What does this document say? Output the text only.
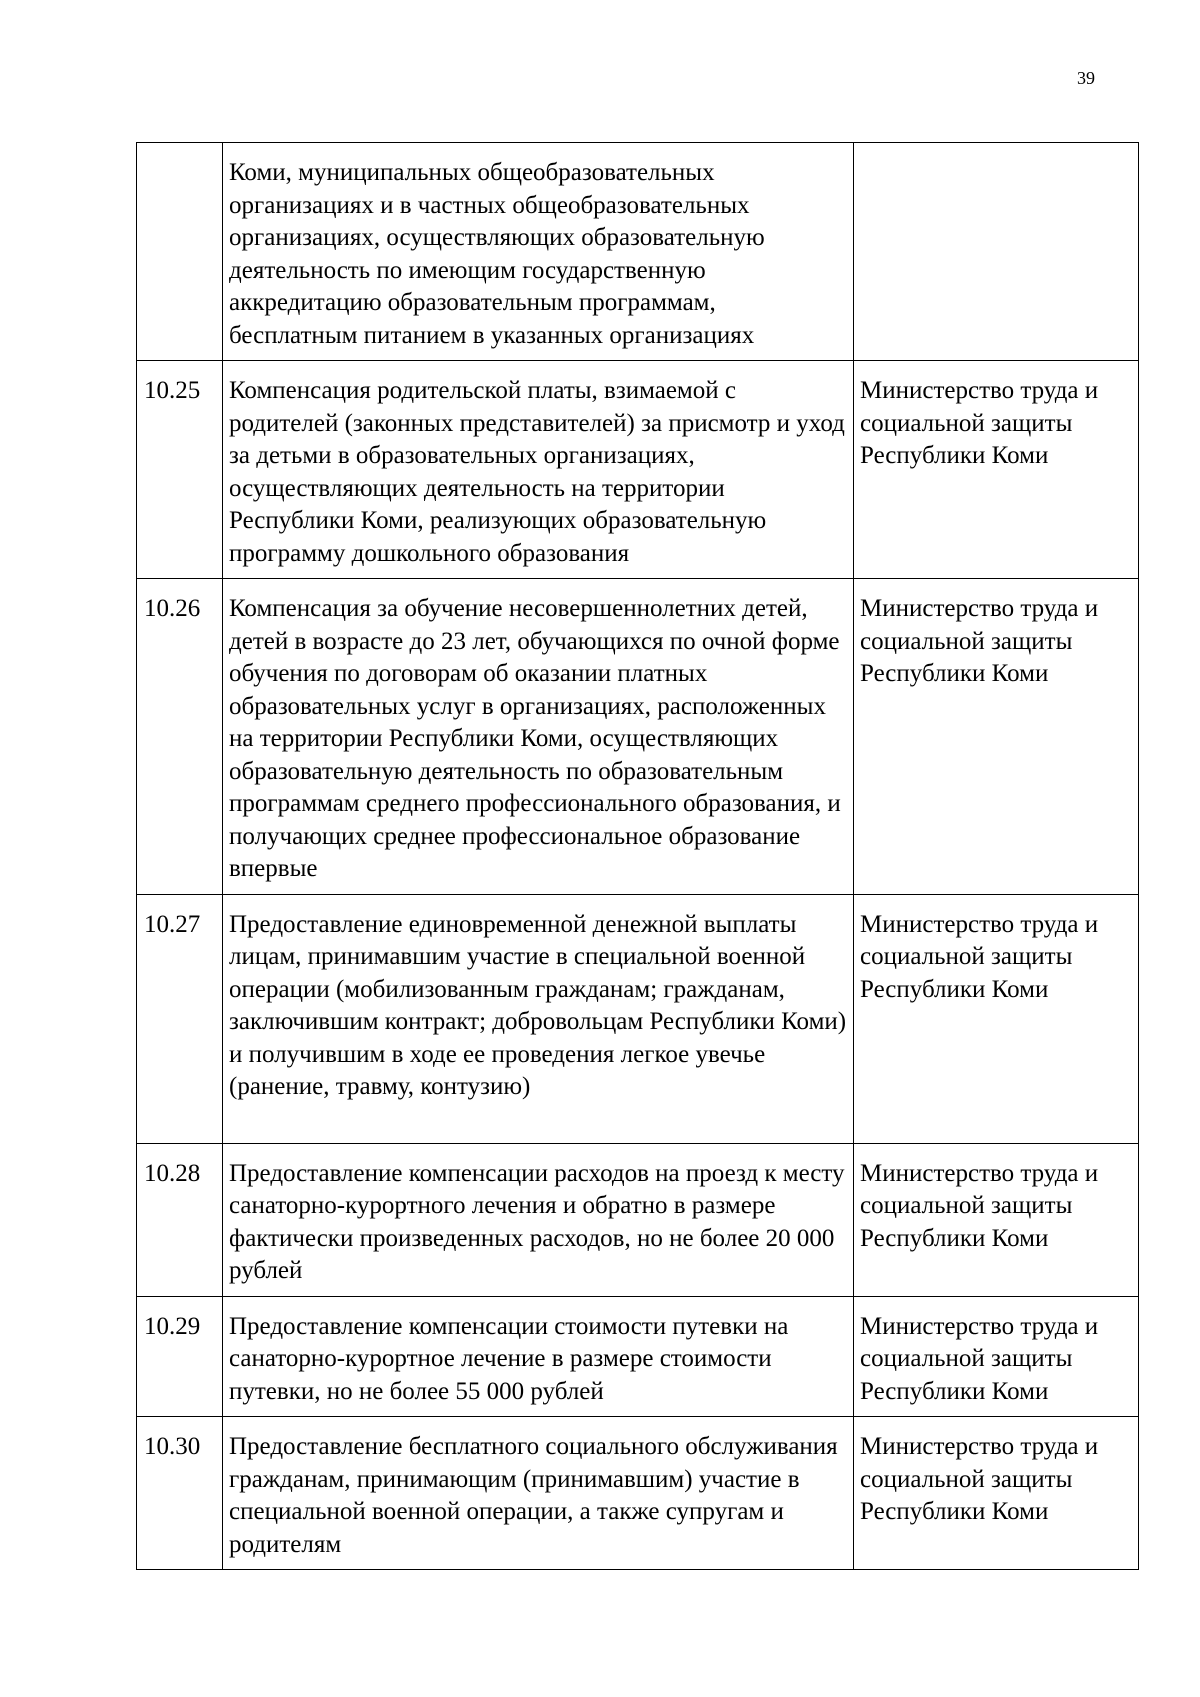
39
	Коми, муниципальных общеобразовательных организациях и в частных общеобразовательных организациях, осуществляющих образовательную деятельность по имеющим государственную аккредитацию образовательным программам, бесплатным питанием в указанных организациях	
10.25	Компенсация родительской платы, взимаемой с родителей (законных представителей) за присмотр и уход за детьми в образовательных организациях, осуществляющих деятельность на территории Республики Коми, реализующих образовательную программу дошкольного образования	Министерство труда и социальной защиты Республики Коми
10.26	Компенсация за обучение несовершеннолетних детей, детей в возрасте до 23 лет, обучающихся по очной форме обучения по договорам об оказании платных образовательных услуг в организациях, расположенных на территории Республики Коми, осуществляющих образовательную деятельность по образовательным программам среднего профессионального образования, и получающих среднее профессиональное образование впервые	Министерство труда и социальной защиты Республики Коми
10.27	Предоставление единовременной денежной выплаты лицам, принимавшим участие в специальной военной операции (мобилизованным гражданам; гражданам, заключившим контракт; добровольцам Республики Коми) и получившим в ходе ее проведения легкое увечье (ранение, травму, контузию)	Министерство труда и социальной защиты Республики Коми
10.28	Предоставление компенсации расходов на проезд к месту санаторно-курортного лечения и обратно в размере фактически произведенных расходов, но не более 20 000 рублей	Министерство труда и социальной защиты Республики Коми
10.29	Предоставление компенсации стоимости путевки на санаторно-курортное лечение в размере стоимости путевки, но не более 55 000 рублей	Министерство труда и социальной защиты Республики Коми
10.30	Предоставление бесплатного социального обслуживания гражданам, принимающим (принимавшим) участие в специальной военной операции, а также супругам и родителям	Министерство труда и социальной защиты Республики Коми
